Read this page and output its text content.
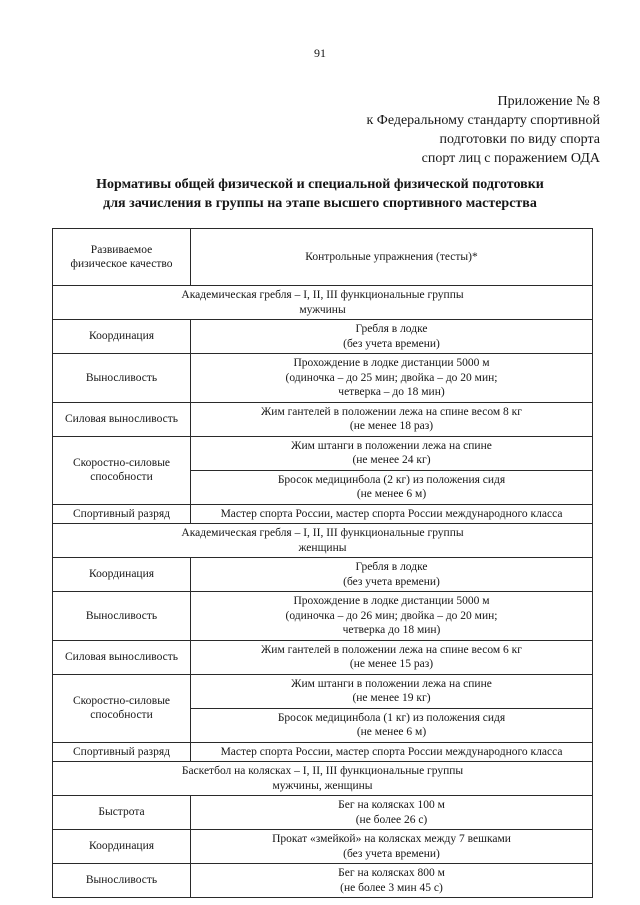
91
Приложение № 8
к Федеральному стандарту спортивной
подготовки по виду спорта
спорт лиц с поражением ОДА
Нормативы общей физической и специальной физической подготовки
для зачисления в группы на этапе высшего спортивного мастерства
Развиваемое
физическое качество	Контрольные упражнения (тесты)*

Академическая гребля – I, II, III функциональные группы
мужчины	

Координация	Гребля в лодке
(без учета времени)

Выносливость	Прохождение в лодке дистанции 5000 м
(одиночка – до 25 мин; двойка – до 20 мин;
четверка – до 18 мин)

Силовая выносливость	Жим гантелей в положении лежа на спине весом 8 кг
(не менее 18 раз)

Скоростно-силовые
способности	Жим штанги в положении лежа на спине
(не менее 24 кг)

	Бросок медицинбола (2 кг) из положения сидя
(не менее 6 м)

Спортивный разряд	Мастер спорта России, мастер спорта России международного класса

Академическая гребля – I, II, III функциональные группы
женщины	

Координация	Гребля в лодке
(без учета времени)

Выносливость	Прохождение в лодке дистанции 5000 м
(одиночка – до 26 мин; двойка – до 20 мин;
четверка до 18 мин)

Силовая выносливость	Жим гантелей в положении лежа на спине весом 6 кг
(не менее 15 раз)

Скоростно-силовые
способности	Жим штанги в положении лежа на спине
(не менее 19 кг)

	Бросок медицинбола (1 кг) из положения сидя
(не менее 6 м)

Спортивный разряд	Мастер спорта России, мастер спорта России международного класса

Баскетбол на колясках – I, II, III функциональные группы
мужчины, женщины	

Быстрота	Бег на колясках 100 м
(не более 26 с)

Координация	Прокат «змейкой» на колясках между 7 вешками
(без учета времени)

Выносливость	Бег на колясках 800 м
(не более 3 мин 45 с)
